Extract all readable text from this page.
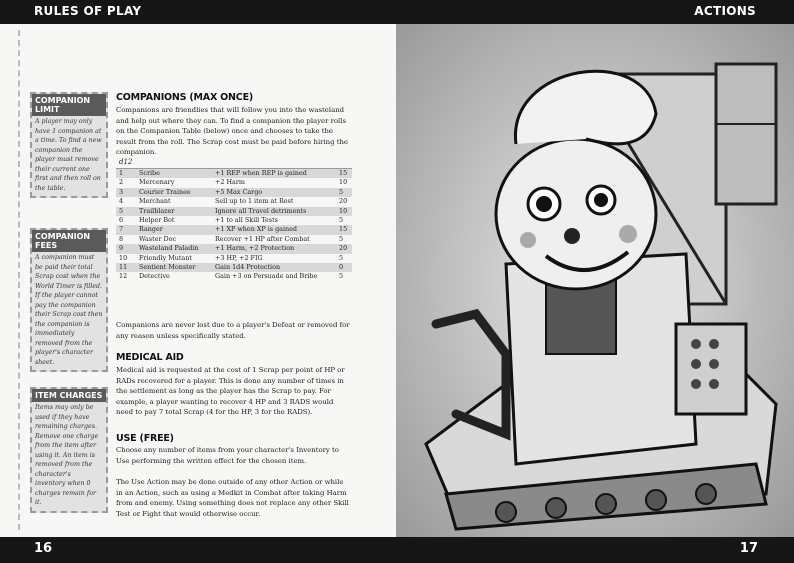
RULES OF PLAY	ACTIONS
COMPANION LIMIT
A player may only have 1 companion at a time. To find a new companion the player must remove their current one first and then roll on the table.
COMPANION FEES
A companion must be paid their total Scrap cost when the World Timer is filled. If the player cannot pay the companion their Scrap cost then the companion is immediately removed from the player's character sheet.
ITEM CHARGES
Items may only be used if they have remaining charges. Remove one charge from the item after using it. An item is removed from the character's inventory when 0 charges remain for it.
COMPANIONS (MAX ONCE)
Companions are friendlies that will follow you into the wasteland and help out where they can. To find a companion the player rolls on the Companion Table (below) once and chooses to take the result from the roll. The Scrap cost must be paid before hiring the companion.
d12			
1	Scribe	+1 REP when REP is gained	15
2	Mercenary	+2 Harm	10
3	Courier Trainee	+5 Max Cargo	5
4	Merchant	Sell up to 1 item at Rest	20
5	Trailblazer	Ignore all Travel detriments	10
6	Helper Bot	+1 to all Skill Tests	5
7	Ranger	+1 XP when XP is gained	15
8	Waster Doc	Recover +1 HP after Combat	5
9	Wasteland Paladin	+1 Harm, +2 Protection	20
10	Friendly Mutant	+3 HP, +2 FIG	5
11	Sentient Monster	Gain 1d4 Protection	0
12	Detective	Gain +3 on Persuade and Bribe	5
Companions are never lost due to a player's Defeat or removed for any reason unless specifically stated.
MEDICAL AID
Medical aid is requested at the cost of 1 Scrap per point of HP or RADs recovered for a player. This is done any number of times in the settlement as long as the player has the Scrap to pay. For example, a player wanting to recover 4 HP and 3 RADS would need to pay 7 total Scrap (4 for the HP, 3 for the RADS).
USE (FREE)
Choose any number of items from your character's Inventory to Use performing the written effect for the chosen item.
The Use Action may be done outside of any other Action or while in an Action, such as using a Medkit in Combat after taking Harm from and enemy. Using something does not replace any other Skill Test or Fight that would otherwise occur.
16	17
